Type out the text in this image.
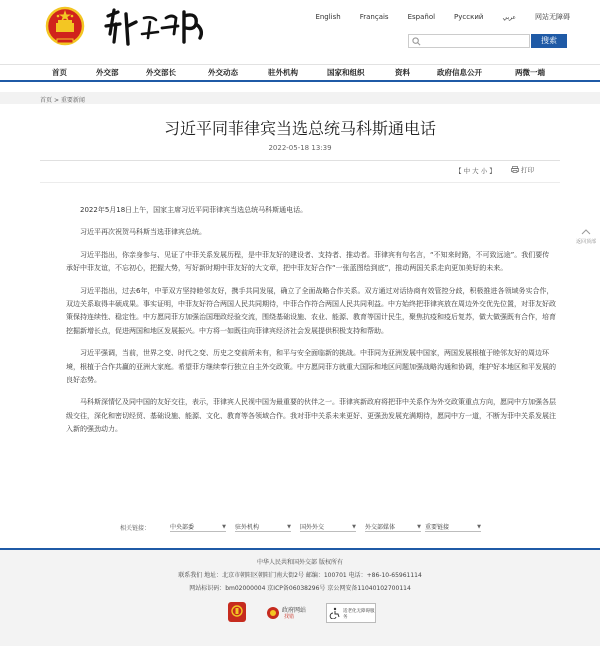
English	Français	Español	Русский	عربي	网站无障碍
搜索
首页	外交部	外交部长	外交动态	驻外机构	国家和组织	资料	政府信息公开	两微一端
首页 > 重要新闻
习近平同菲律宾当选总统马科斯通电话
2022-05-18 13:39
【 中 大 小 】	打印

2022年5月18日上午，国家主席习近平同菲律宾当选总统马科斯通电话。

习近平再次祝贺马科斯当选菲律宾总统。

习近平指出，你亲身参与、见证了中菲关系发展历程，是中菲友好的建设者、支持者、推动者。菲律宾有句名言，“不知来时路，不可致远途”。我们要传承好中菲友谊，不忘初心，把握大势，写好新时期中菲友好的大文章，把中菲友好合作“一张蓝图绘到底”，推动两国关系走向更加美好的未来。

习近平指出，过去6年，中菲双方坚持睦邻友好，携手共同发展，确立了全面战略合作关系。双方通过对话协商有效管控分歧，积极推进各领域务实合作，双边关系取得丰硕成果。事实证明，中菲友好符合两国人民共同期待，中菲合作符合两国人民共同利益。中方始终把菲律宾放在周边外交优先位置，对菲友好政策保持连续性、稳定性。中方愿同菲方加强治国理政经验交流，围绕基础设施、农业、能源、教育等国计民生，聚焦抗疫和疫后复苏，做大做强既有合作，培育挖掘新增长点，促进两国和地区发展振兴。中方将一如既往向菲律宾经济社会发展提供积极支持和帮助。

习近平强调，当前，世界之变、时代之变、历史之变前所未有，和平与安全面临新的挑战。中菲同为亚洲发展中国家，两国发展根植于睦邻友好的周边环境，根植于合作共赢的亚洲大家庭。希望菲方继续奉行独立自主外交政策。中方愿同菲方就重大国际和地区问题加强战略沟通和协调，维护好本地区和平发展的良好态势。

马科斯深情忆及同中国的友好交往，表示，菲律宾人民视中国为最重要的伙伴之一。菲律宾新政府将把菲中关系作为外交政策重点方向，愿同中方加强各层级交往，深化和密切经贸、基础设施、能源、文化、教育等各领域合作。我对菲中关系未来更好、更强劲发展充满期待，愿同中方一道，不断为菲中关系发展注入新的强劲动力。

返回顶部
相关链接：	中央部委	▼ 驻外机构	▼ 国外外交	▼ 外交部媒体	▼ 重要链接	▼
中华人民共和国外交部 版权所有
联系我们 地址：北京市朝阳区朝阳门南大街2号 邮编：100701 电话：+86-10-65961114
网站标识码：bm02000004 京ICP备06038296号 京公网安备11040102700114
政府网站
找错
适老化无障碍服务
